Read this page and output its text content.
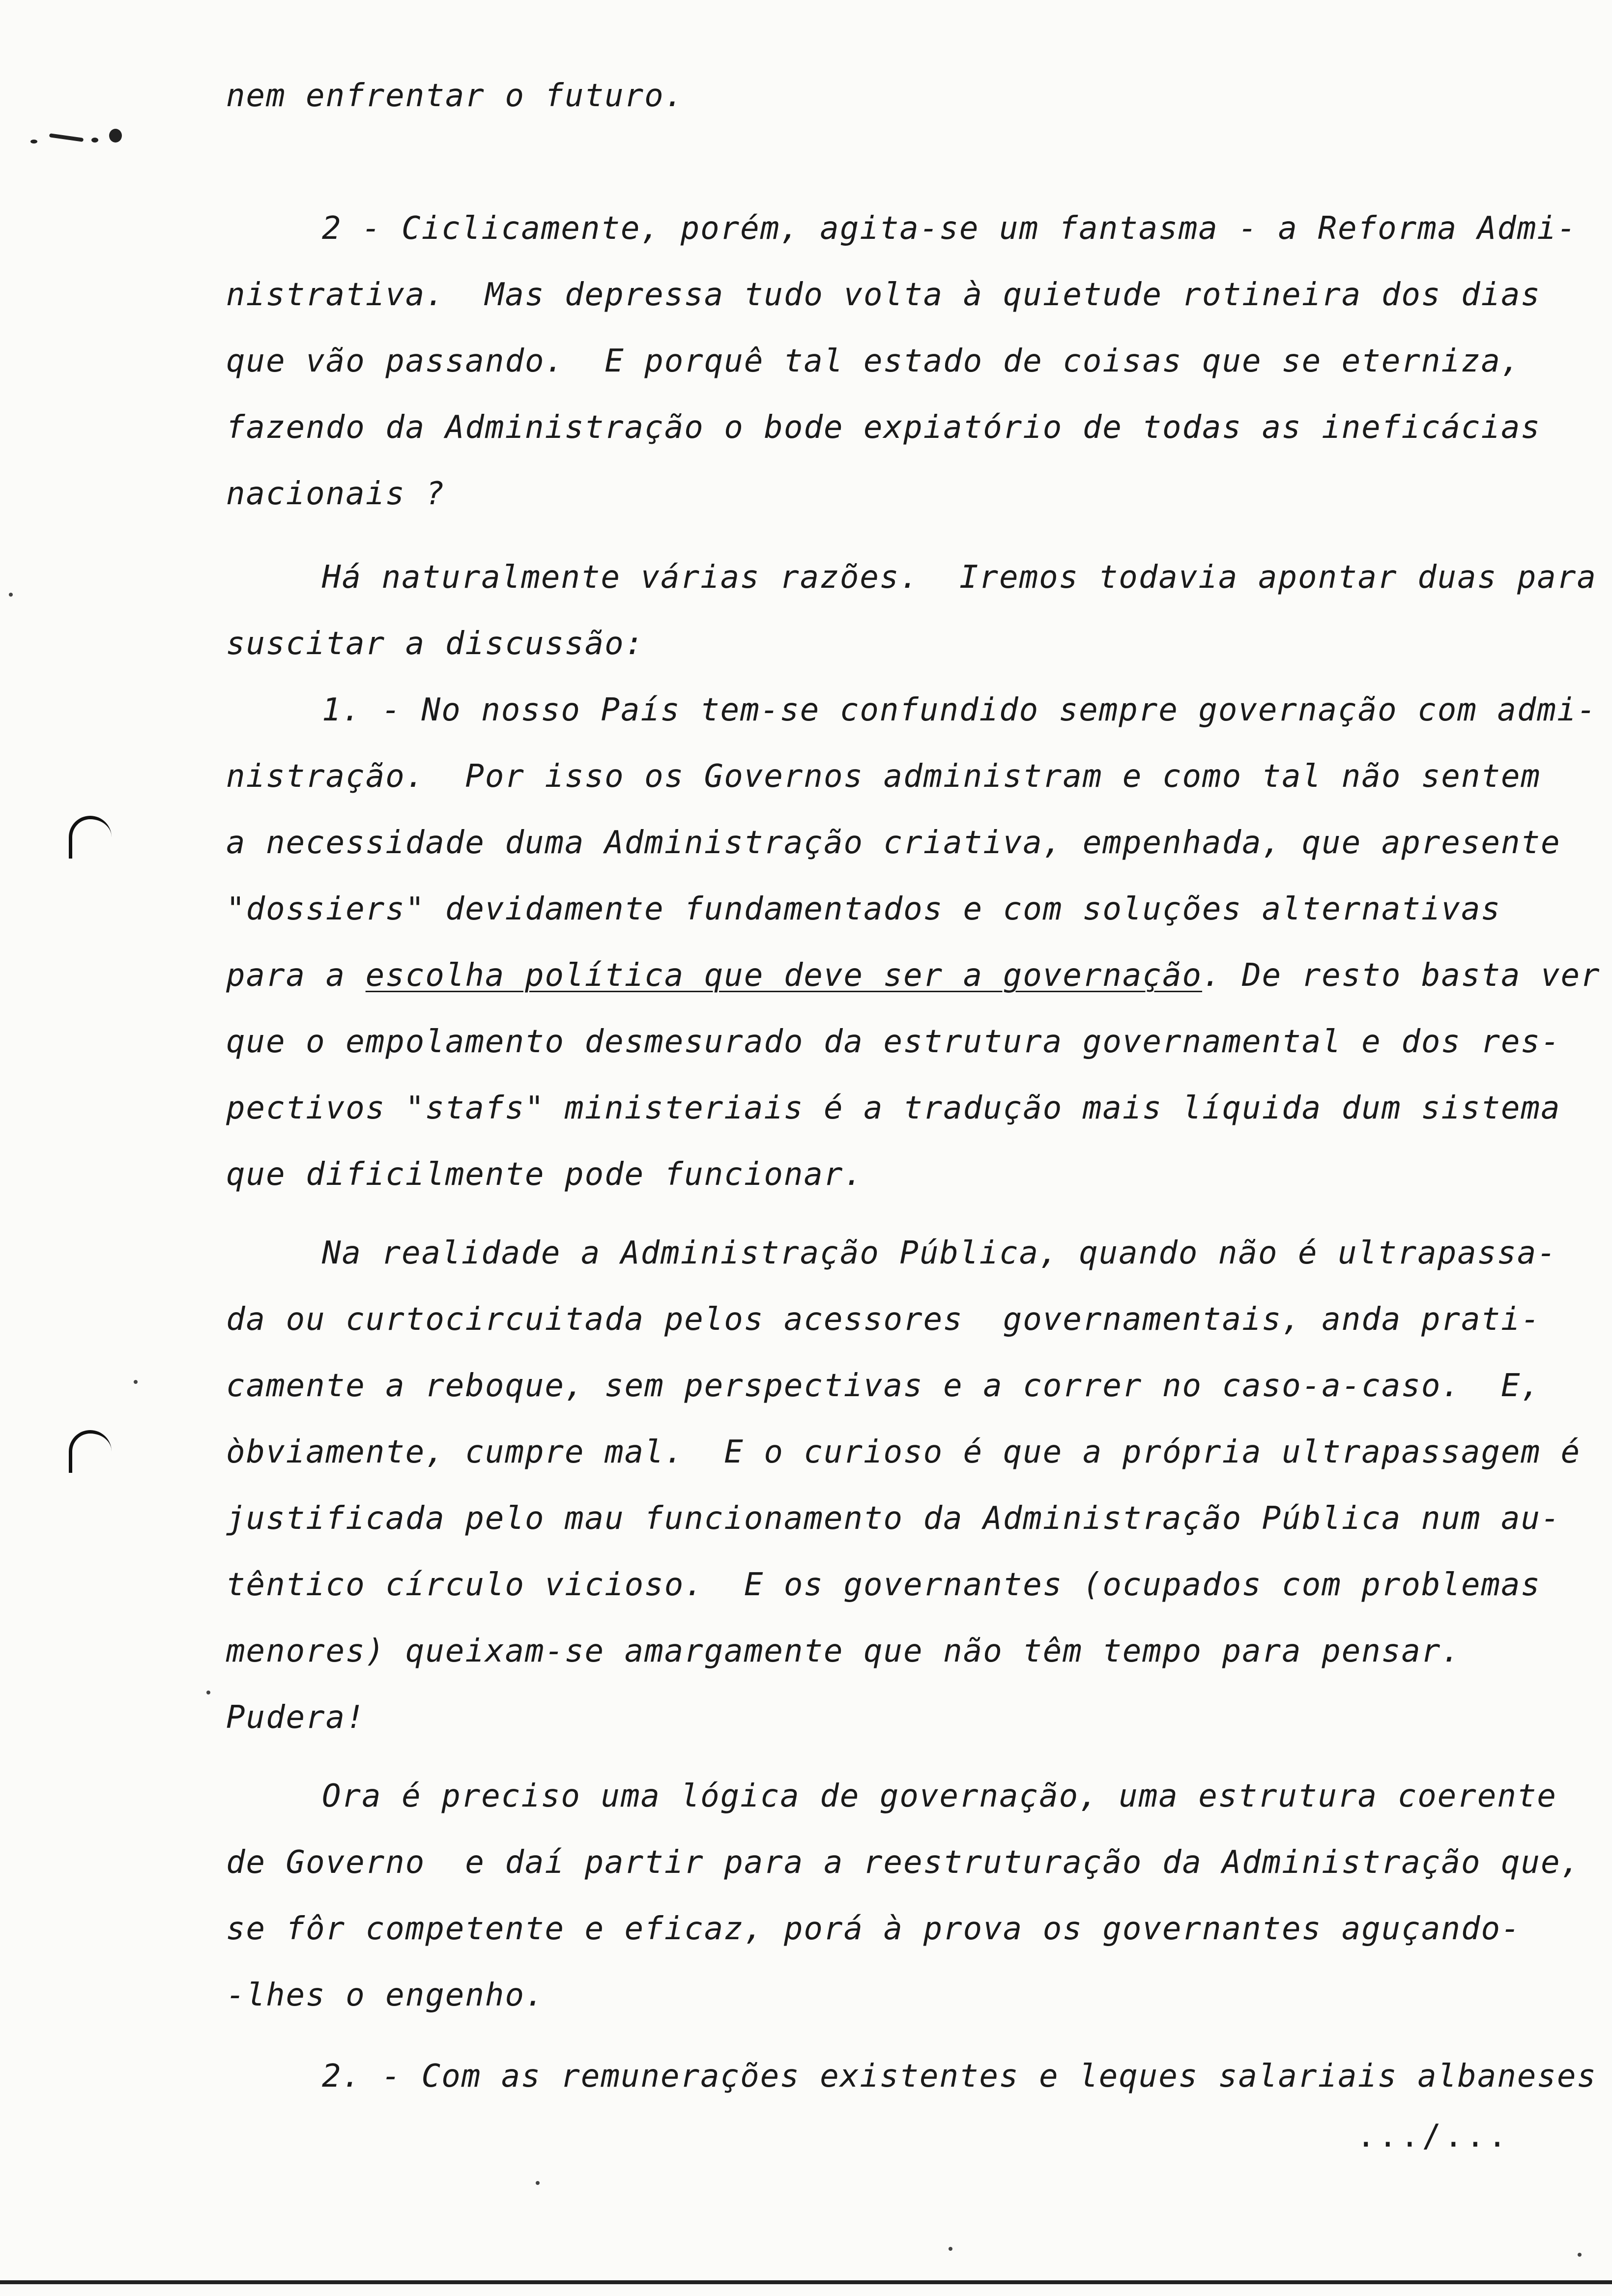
nem enfrentar o futuro.
2 - Ciclicamente, porém, agita-se um fantasma - a Reforma Admi-
nistrativa.  Mas depressa tudo volta à quietude rotineira dos dias
que vão passando.  E porquê tal estado de coisas que se eterniza,
fazendo da Administração o bode expiatório de todas as ineficácias
nacionais ?
Há naturalmente várias razões.  Iremos todavia apontar duas para
suscitar a discussão:
1. - No nosso País tem-se confundido sempre governação com admi-
nistração.  Por isso os Governos administram e como tal não sentem
a necessidade duma Administração criativa, empenhada, que apresente
"dossiers" devidamente fundamentados e com soluções alternativas
para a escolha política que deve ser a governação. De resto basta ver
que o empolamento desmesurado da estrutura governamental e dos res-
pectivos "stafs" ministeriais é a tradução mais líquida dum sistema
que dificilmente pode funcionar.
Na realidade a Administração Pública, quando não é ultrapassa-
da ou curtocircuitada pelos acessores  governamentais, anda prati-
camente a reboque, sem perspectivas e a correr no caso-a-caso.  E,
òbviamente, cumpre mal.  E o curioso é que a própria ultrapassagem é
justificada pelo mau funcionamento da Administração Pública num au-
têntico círculo vicioso.  E os governantes (ocupados com problemas
menores) queixam-se amargamente que não têm tempo para pensar.
Pudera!
Ora é preciso uma lógica de governação, uma estrutura coerente
de Governo  e daí partir para a reestruturação da Administração que,
se fôr competente e eficaz, porá à prova os governantes aguçando-
-lhes o engenho.
2. - Com as remunerações existentes e leques salariais albaneses
.../...
